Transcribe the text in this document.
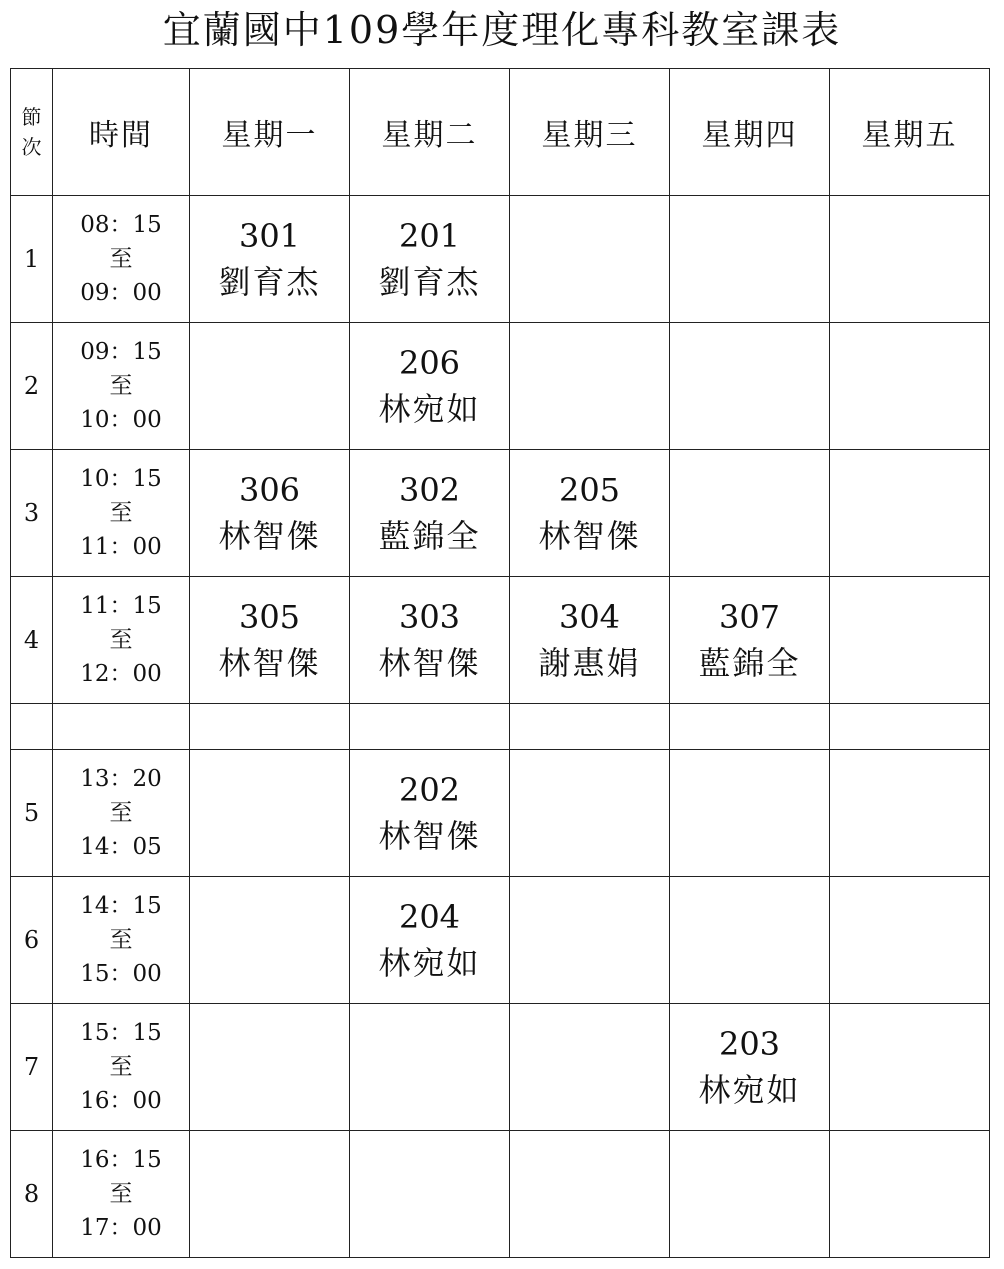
宜蘭國中109學年度理化專科教室課表
節
次	時間	星期一	星期二	星期三	星期四	星期五
1	08：15
至
09：00	301
劉育杰	201
劉育杰			

2	09：15
至
10：00		206
林宛如			

3	10：15
至
11：00	306
林智傑	302
藍錦全	205
林智傑		

4	11：15
至
12：00	305
林智傑	303
林智傑	304
謝惠娟	307
藍錦全	

5	13：20
至
14：05		202
林智傑			

6	14：15
至
15：00		204
林宛如			

7	15：15
至
16：00				203
林宛如	

8	16：15
至
17：00					
